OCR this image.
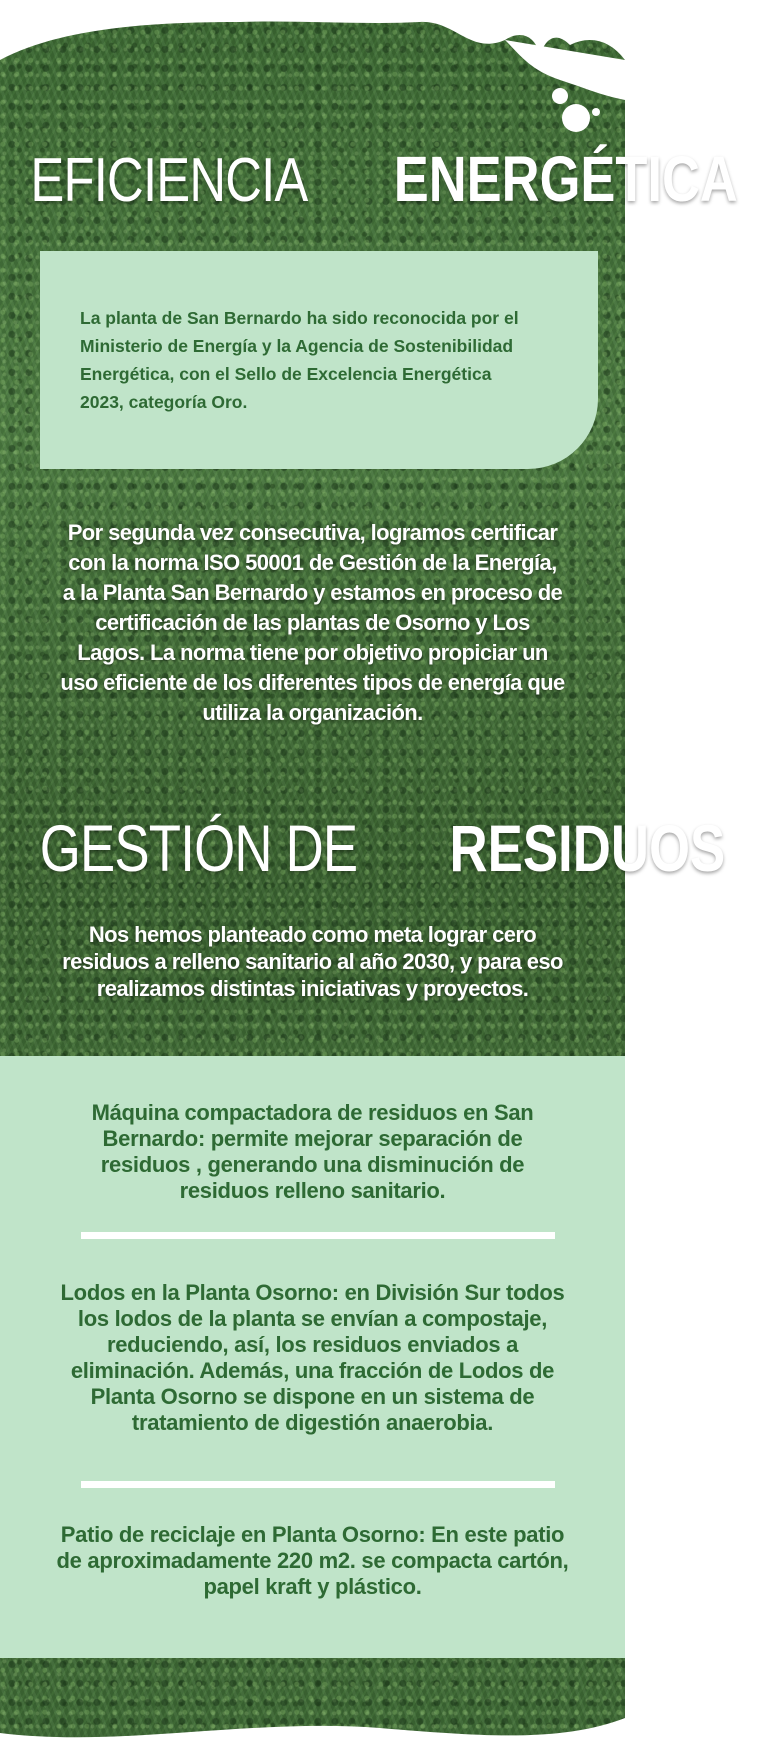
EFICIENCIA ENERGÉTICA

La planta de San Bernardo ha sido reconocida por el Ministerio de Energía y la Agencia de Sostenibilidad Energética, con el Sello de Excelencia Energética 2023, categoría Oro.

Por segunda vez consecutiva, logramos certificar con la norma ISO 50001 de Gestión de la Energía, a la Planta San Bernardo y estamos en proceso de certificación de las plantas de Osorno y Los Lagos. La norma tiene por objetivo propiciar un uso eficiente de los diferentes tipos de energía que utiliza la organización.

GESTIÓN DE RESIDUOS

Nos hemos planteado como meta lograr cero residuos a relleno sanitario al año 2030, y para eso realizamos distintas iniciativas y proyectos.

Máquina compactadora de residuos en San Bernardo: permite mejorar separación de residuos , generando una disminución de residuos relleno sanitario.

Lodos en la Planta Osorno: en División Sur todos los lodos de la planta se envían a compostaje, reduciendo, así, los residuos enviados a eliminación. Además, una fracción de Lodos de Planta Osorno se dispone en un sistema de tratamiento de digestión anaerobia.

Patio de reciclaje en Planta Osorno: En este patio de aproximadamente 220 m2. se compacta cartón, papel kraft y plástico.
